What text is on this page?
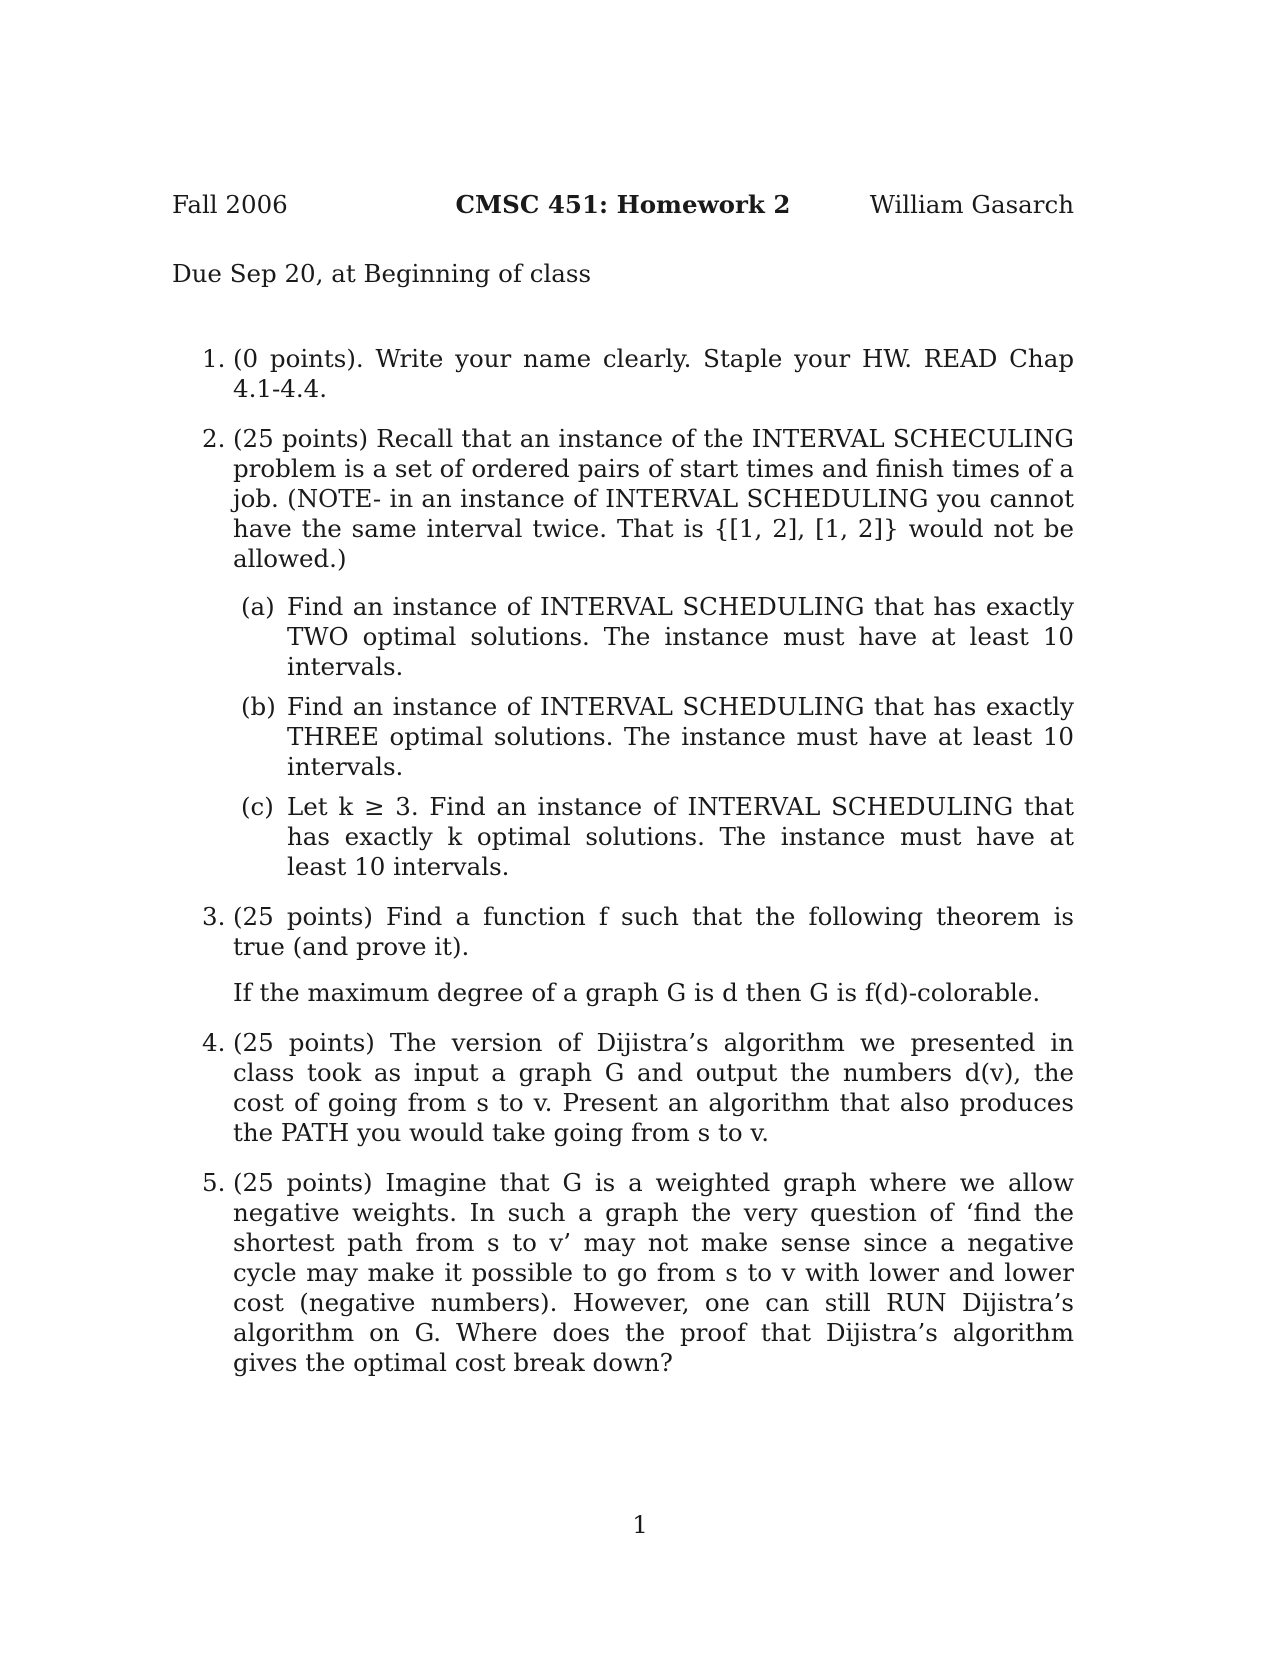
Fall 2006	CMSC 451: Homework 2	William Gasarch
Due Sep 20, at Beginning of class
1. (0 points). Write your name clearly. Staple your HW. READ Chap 4.1-4.4.
2. (25 points) Recall that an instance of the INTERVAL SCHECULING problem is a set of ordered pairs of start times and finish times of a job. (NOTE- in an instance of INTERVAL SCHEDULING you cannot have the same interval twice. That is {[1, 2], [1, 2]} would not be allowed.)
(a) Find an instance of INTERVAL SCHEDULING that has exactly TWO optimal solutions. The instance must have at least 10 intervals.
(b) Find an instance of INTERVAL SCHEDULING that has exactly THREE optimal solutions. The instance must have at least 10 intervals.
(c) Let k ≥ 3. Find an instance of INTERVAL SCHEDULING that has exactly k optimal solutions. The instance must have at least 10 intervals.
3. (25 points) Find a function f such that the following theorem is true (and prove it).
If the maximum degree of a graph G is d then G is f(d)-colorable.
4. (25 points) The version of Dijistra’s algorithm we presented in class took as input a graph G and output the numbers d(v), the cost of going from s to v. Present an algorithm that also produces the PATH you would take going from s to v.
5. (25 points) Imagine that G is a weighted graph where we allow negative weights. In such a graph the very question of ‘find the shortest path from s to v’ may not make sense since a negative cycle may make it possible to go from s to v with lower and lower cost (negative numbers). However, one can still RUN Dijistra’s algorithm on G. Where does the proof that Dijistra’s algorithm gives the optimal cost break down?
1
